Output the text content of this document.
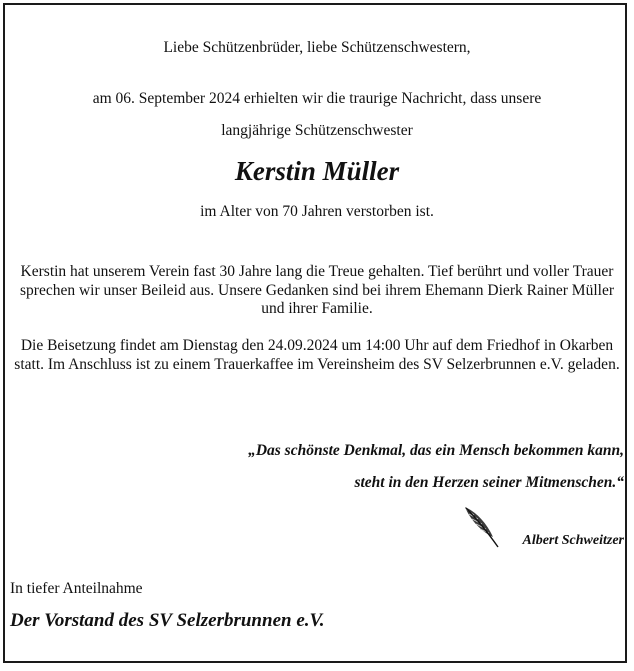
Liebe Schützenbrüder, liebe Schützenschwestern,
am 06. September 2024 erhielten wir die traurige Nachricht, dass unsere
langjährige Schützenschwester
Kerstin Müller
im Alter von 70 Jahren verstorben ist.
Kerstin hat unserem Verein fast 30 Jahre lang die Treue gehalten. Tief berührt und voller Trauer sprechen wir unser Beileid aus. Unsere Gedanken sind bei ihrem Ehemann Dierk Rainer Müller und ihrer Familie.
Die Beisetzung findet am Dienstag den 24.09.2024 um 14:00 Uhr auf dem Friedhof in Okarben statt. Im Anschluss ist zu einem Trauerkaffee im Vereinsheim des SV Selzerbrunnen e.V. geladen.
„Das schönste Denkmal, das ein Mensch bekommen kann,
steht in den Herzen seiner Mitmenschen.“
Albert Schweitzer
In tiefer Anteilnahme
Der Vorstand des SV Selzerbrunnen e.V.
